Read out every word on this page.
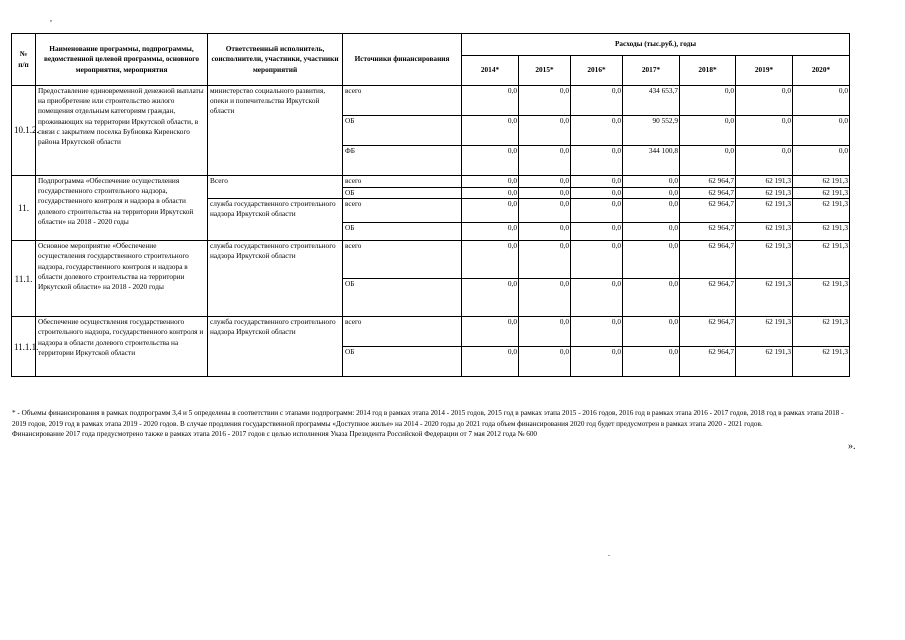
,
№
п/п	Наименование программы, подпрограммы, ведомственной целевой программы, основного мероприятия, мероприятия	Ответственный исполнитель, соисполнители, участники, участники мероприятий	Источники финансирования	Расходы (тыс.руб.), годы						
				2014*	2015*	2016*	2017*	2018*	2019*	2020*
10.1.2.	Предоставление единовременной денежной выплаты на приобретение или строительство жилого помещения отдельным категориям граждан, проживающих на территории Иркутской области, в связи с закрытием поселка Бубновка Киренского района Иркутской области	министерство социального развития, опеки и попечительства Иркутской области	всего	0,0	0,0	0,0	434 653,7	0,0	0,0	0,0
			ОБ	0,0	0,0	0,0	90 552,9	0,0	0,0	0,0
			ФБ	0,0	0,0	0,0	344 100,8	0,0	0,0	0,0
11.	Подпрограмма «Обеспечение осуществления государственного строительного надзора, государственного контроля и надзора в области долевого строительства на территории Иркутской области» на 2018 - 2020 годы	Всего	всего	0,0	0,0	0,0	0,0	62 964,7	62 191,3	62 191,3
			ОБ	0,0	0,0	0,0	0,0	62 964,7	62 191,3	62 191,3
		служба государственного строительного надзора Иркутской области	всего	0,0	0,0	0,0	0,0	62 964,7	62 191,3	62 191,3
			ОБ	0,0	0,0	0,0	0,0	62 964,7	62 191,3	62 191,3
11.1.	Основное мероприятие «Обеспечение осуществления государственного строительного надзора, государственного контроля и надзора в области долевого строительства на территории Иркутской области» на 2018 - 2020 годы	служба государственного строительного надзора Иркутской области	всего	0,0	0,0	0,0	0,0	62 964,7	62 191,3	62 191,3
			ОБ	0,0	0,0	0,0	0,0	62 964,7	62 191,3	62 191,3
11.1.1.	Обеспечение осуществления государственного строительного надзора, государственного контроля и надзора в области долевого строительства на территории Иркутской области	служба государственного строительного надзора Иркутской области	всего	0,0	0,0	0,0	0,0	62 964,7	62 191,3	62 191,3
			ОБ	0,0	0,0	0,0	0,0	62 964,7	62 191,3	62 191,3

* - Объемы финансирования в рамках подпрограмм 3,4 и 5 определены в соответствии с этапами подпрограмм: 2014 год в рамках этапа 2014 - 2015 годов, 2015 год в рамках этапа 2015 - 2016 годов, 2016 год в рамках этапа 2016 - 2017 годов, 2018 год в рамках этапа 2018 - 2019 годов, 2019 год в рамках этапа 2019 - 2020 годов. В случае продления государственной программы «Доступное жилье» на 2014 - 2020 годы до 2021 года объем финансирования 2020 год будет предусмотрен в рамках этапа 2020 - 2021 годов.

Финансирование 2017 года предусмотрено также в рамках этапа 2016 - 2017 годов с целью исполнения Указа Президента Российской Федерации от 7 мая 2012 года № 600

».
.
